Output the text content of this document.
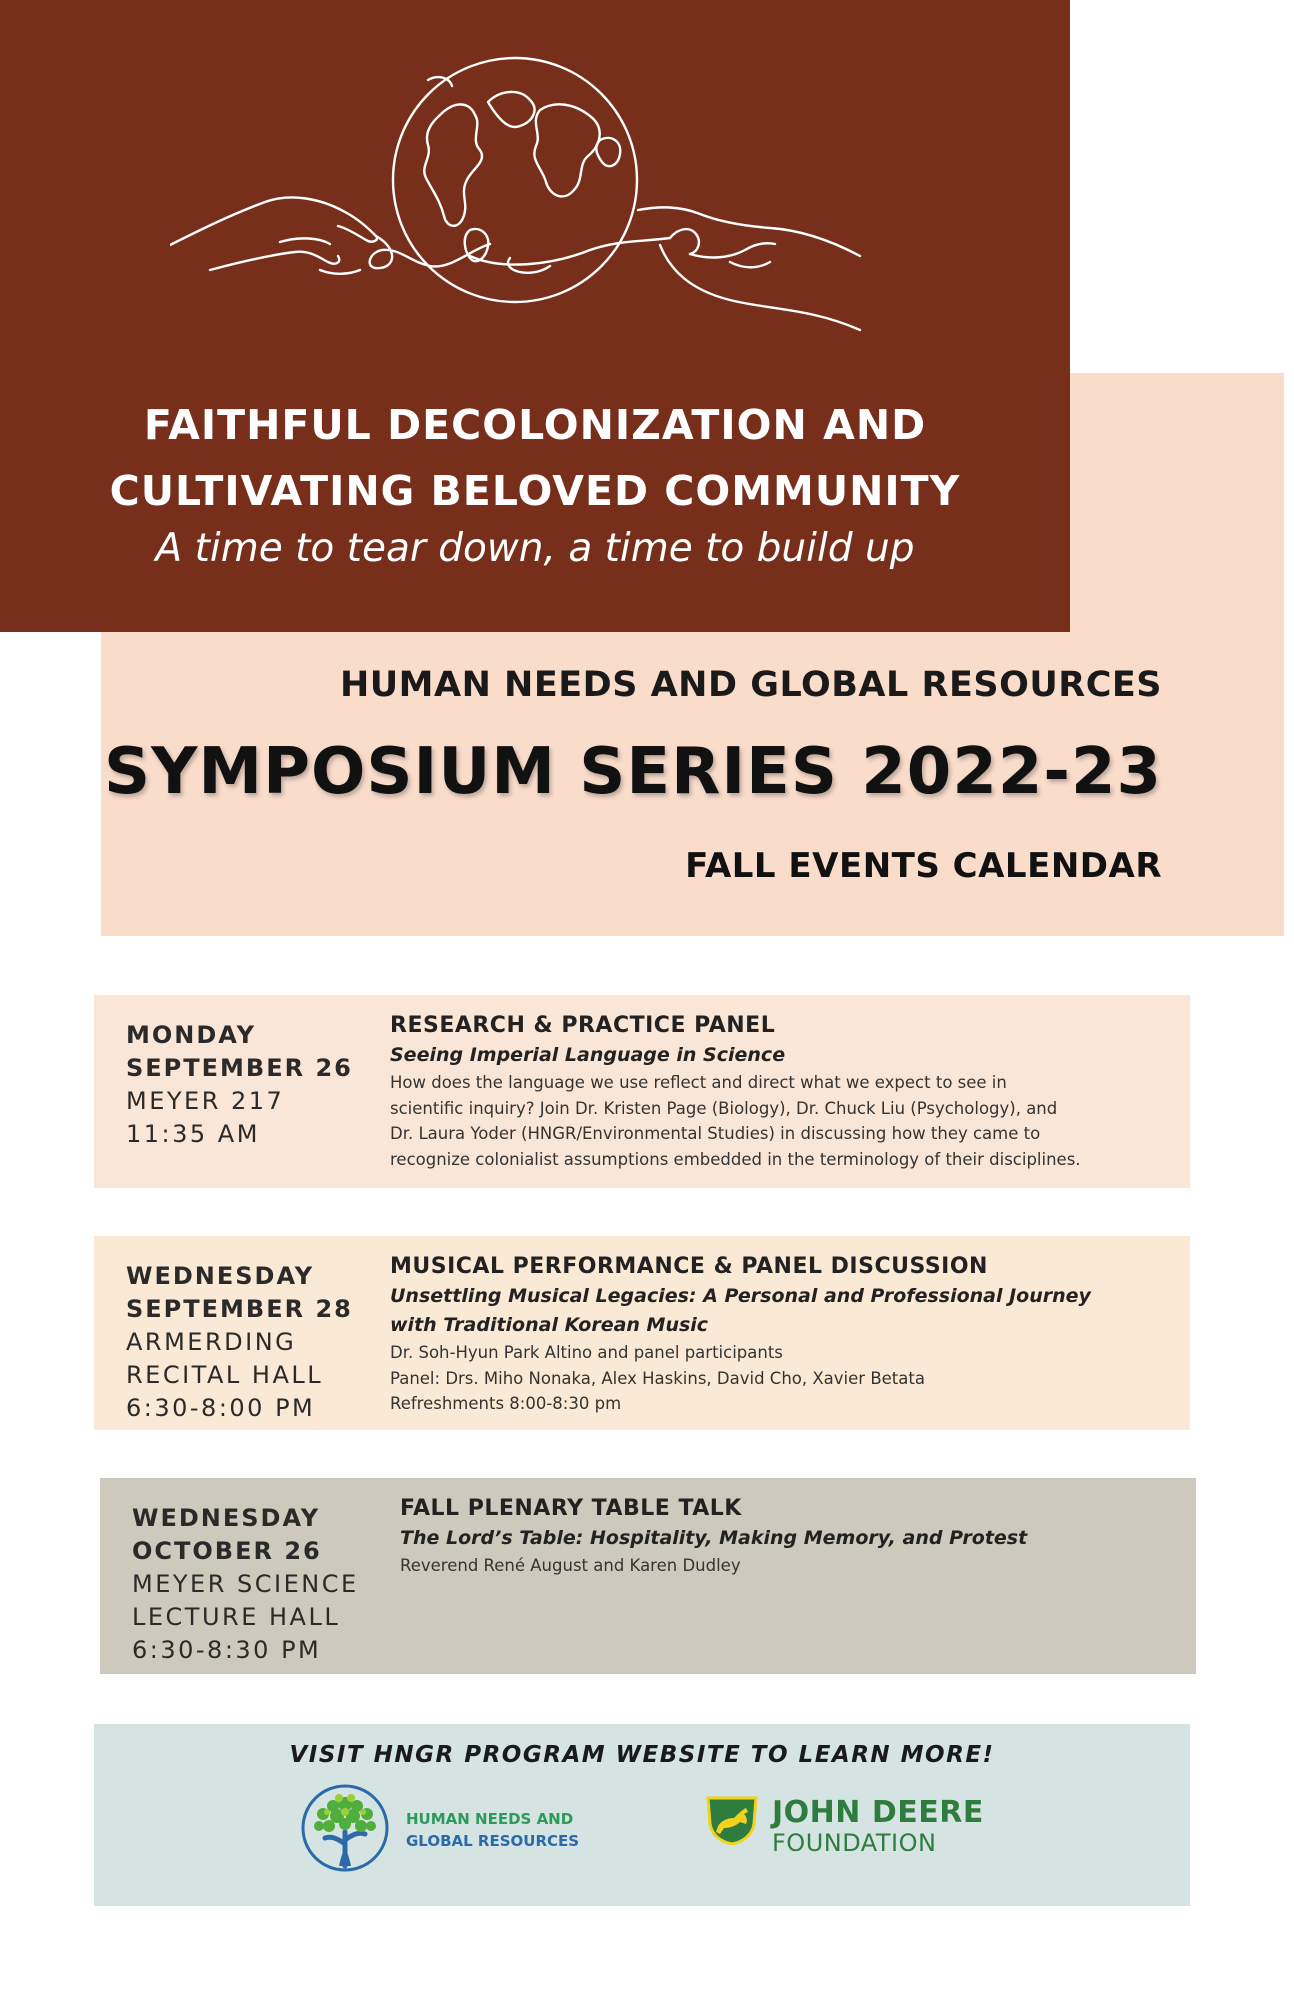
FAITHFUL DECOLONIZATION AND
CULTIVATING BELOVED COMMUNITY
A time to tear down, a time to build up
HUMAN NEEDS AND GLOBAL RESOURCES
SYMPOSIUM SERIES 2022-23
FALL EVENTS CALENDAR
MONDAY
SEPTEMBER 26
MEYER 217
11:35 AM
RESEARCH & PRACTICE PANEL
Seeing Imperial Language in Science
How does the language we use reflect and direct what we expect to see in
scientific inquiry? Join Dr. Kristen Page (Biology), Dr. Chuck Liu (Psychology), and
Dr. Laura Yoder (HNGR/Environmental Studies) in discussing how they came to
recognize colonialist assumptions embedded in the terminology of their disciplines.
WEDNESDAY
SEPTEMBER 28
ARMERDING
RECITAL HALL
6:30-8:00 PM
MUSICAL PERFORMANCE & PANEL DISCUSSION
Unsettling Musical Legacies: A Personal and Professional Journey
with Traditional Korean Music
Dr. Soh-Hyun Park Altino and panel participants
Panel: Drs. Miho Nonaka, Alex Haskins, David Cho, Xavier Betata
Refreshments 8:00-8:30 pm
WEDNESDAY
OCTOBER 26
MEYER SCIENCE
LECTURE HALL
6:30-8:30 PM
FALL PLENARY TABLE TALK
The Lord’s Table: Hospitality, Making Memory, and Protest
Reverend René August and Karen Dudley
VISIT HNGR PROGRAM WEBSITE TO LEARN MORE!
HUMAN NEEDS AND
GLOBAL RESOURCES
JOHN DEERE
FOUNDATION
